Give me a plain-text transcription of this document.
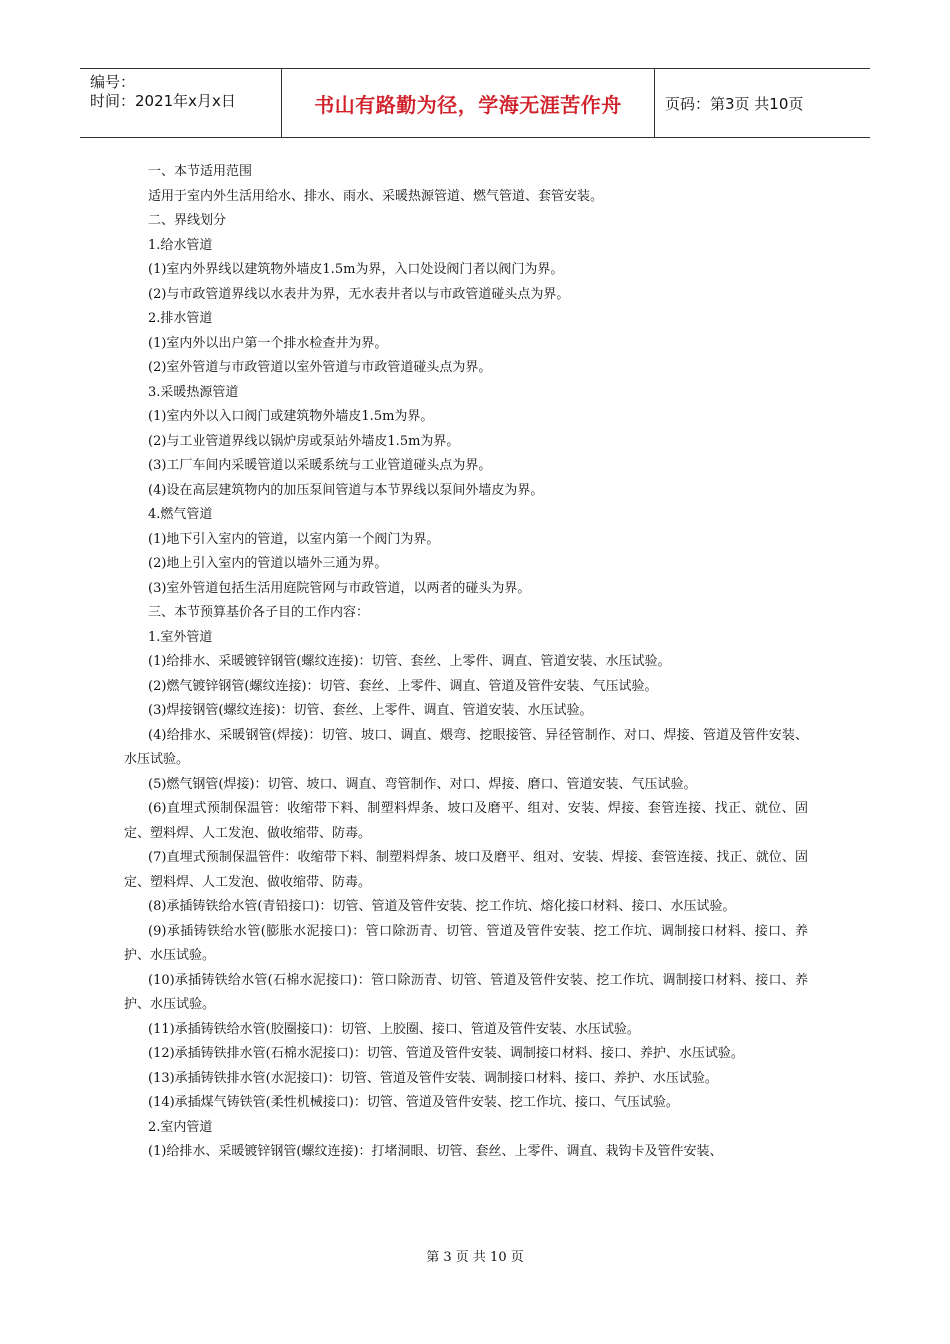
编号：
时间：2021年x月x日	书山有路勤为径，学海无涯苦作舟	页码：第3页 共10页
一、本节适用范围
适用于室内外生活用给水、排水、雨水、采暖热源管道、燃气管道、套管安装。
二、界线划分
1.给水管道
(1)室内外界线以建筑物外墙皮1.5m为界，入口处设阀门者以阀门为界。
(2)与市政管道界线以水表井为界，无水表井者以与市政管道碰头点为界。
2.排水管道
(1)室内外以出户第一个排水检查井为界。
(2)室外管道与市政管道以室外管道与市政管道碰头点为界。
3.采暖热源管道
(1)室内外以入口阀门或建筑物外墙皮1.5m为界。
(2)与工业管道界线以锅炉房或泵站外墙皮1.5m为界。
(3)工厂车间内采暖管道以采暖系统与工业管道碰头点为界。
(4)设在高层建筑物内的加压泵间管道与本节界线以泵间外墙皮为界。
4.燃气管道
(1)地下引入室内的管道，以室内第一个阀门为界。
(2)地上引入室内的管道以墙外三通为界。
(3)室外管道包括生活用庭院管网与市政管道，以两者的碰头为界。
三、本节预算基价各子目的工作内容：
1.室外管道
(1)给排水、采暖镀锌钢管(螺纹连接)：切管、套丝、上零件、调直、管道安装、水压试验。
(2)燃气镀锌钢管(螺纹连接)：切管、套丝、上零件、调直、管道及管件安装、气压试验。
(3)焊接钢管(螺纹连接)：切管、套丝、上零件、调直、管道安装、水压试验。
(4)给排水、采暖钢管(焊接)：切管、坡口、调直、煨弯、挖眼接管、异径管制作、对口、焊接、管道及管件安装、水压试验。
(5)燃气钢管(焊接)：切管、坡口、调直、弯管制作、对口、焊接、磨口、管道安装、气压试验。
(6)直埋式预制保温管：收缩带下料、制塑料焊条、坡口及磨平、组对、安装、焊接、套管连接、找正、就位、固定、塑料焊、人工发泡、做收缩带、防毒。
(7)直埋式预制保温管件：收缩带下料、制塑料焊条、坡口及磨平、组对、安装、焊接、套管连接、找正、就位、固定、塑料焊、人工发泡、做收缩带、防毒。
(8)承插铸铁给水管(青铅接口)：切管、管道及管件安装、挖工作坑、熔化接口材料、接口、水压试验。
(9)承插铸铁给水管(膨胀水泥接口)：管口除沥青、切管、管道及管件安装、挖工作坑、调制接口材料、接口、养护、水压试验。
(10)承插铸铁给水管(石棉水泥接口)：管口除沥青、切管、管道及管件安装、挖工作坑、调制接口材料、接口、养护、水压试验。
(11)承插铸铁给水管(胶圈接口)：切管、上胶圈、接口、管道及管件安装、水压试验。
(12)承插铸铁排水管(石棉水泥接口)：切管、管道及管件安装、调制接口材料、接口、养护、水压试验。
(13)承插铸铁排水管(水泥接口)：切管、管道及管件安装、调制接口材料、接口、养护、水压试验。
(14)承插煤气铸铁管(柔性机械接口)：切管、管道及管件安装、挖工作坑、接口、气压试验。
2.室内管道
(1)给排水、采暖镀锌钢管(螺纹连接)：打堵洞眼、切管、套丝、上零件、调直、栽钩卡及管件安装、
第 3 页 共 10 页
